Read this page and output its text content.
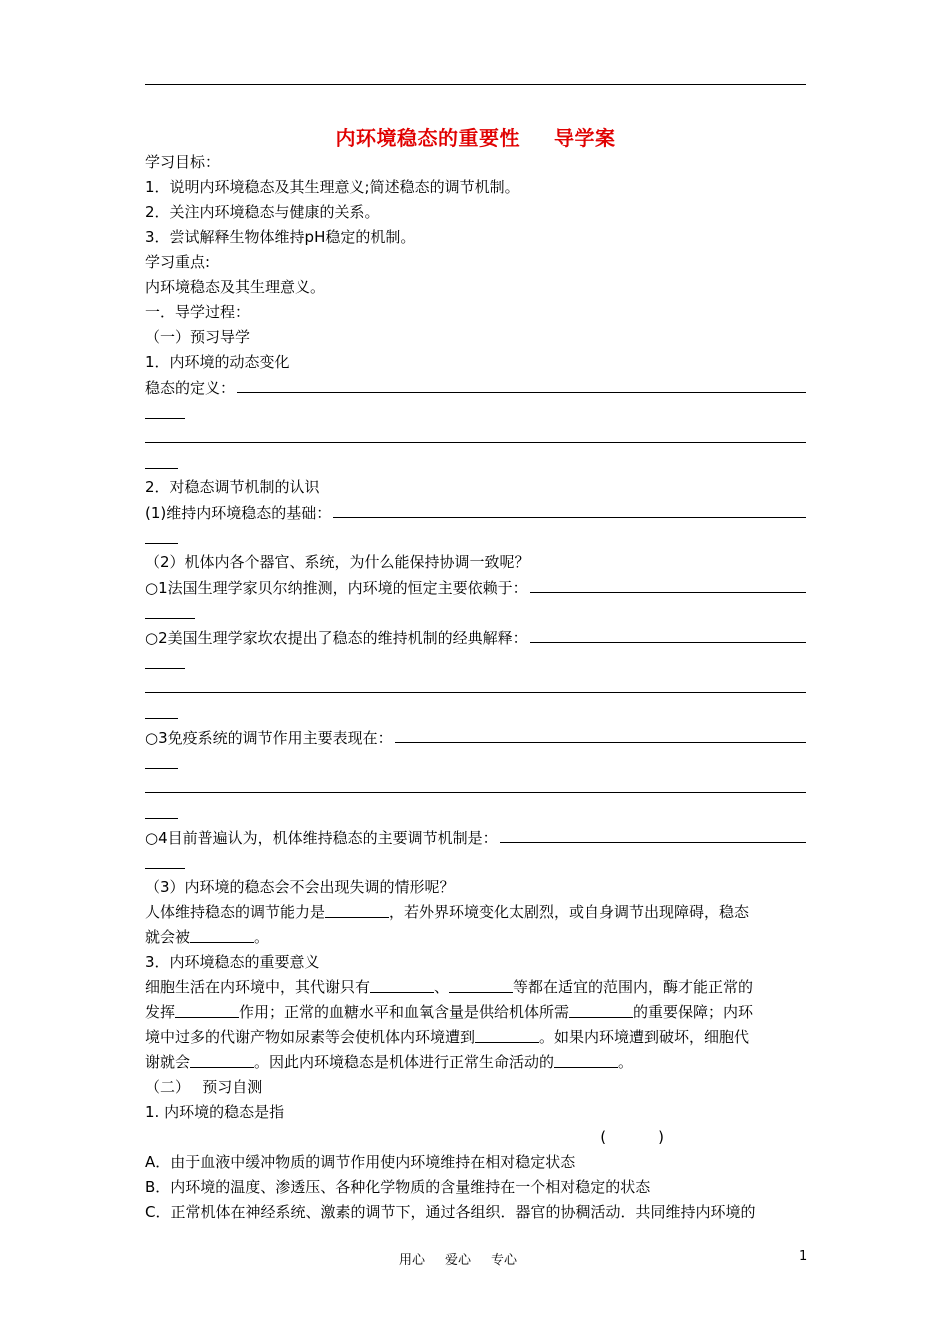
内环境稳态的重要性 导学案
学习目标：
1．说明内环境稳态及其生理意义;简述稳态的调节机制。
2．关注内环境稳态与健康的关系。
3．尝试解释生物体维持pH稳定的机制。
学习重点:
内环境稳态及其生理意义。
一．导学过程：
（一）预习导学
1．内环境的动态变化
稳态的定义：
2．对稳态调节机制的认识
(1)维持内环境稳态的基础：
（2）机体内各个器官、系统，为什么能保持协调一致呢？
○1法国生理学家贝尔纳推测，内环境的恒定主要依赖于：
○2美国生理学家坎农提出了稳态的维持机制的经典解释：
○3免疫系统的调节作用主要表现在：
○4目前普遍认为，机体维持稳态的主要调节机制是：
（3）内环境的稳态会不会出现失调的情形呢？
人体维持稳态的调节能力是	，若外界环境变化太剧烈，或自身调节出现障碍，稳态
就会被	。
3．内环境稳态的重要意义
细胞生活在内环境中，其代谢只有	、	等都在适宜的范围内，酶才能正常的
发挥	作用；正常的血糖水平和血氧含量是供给机体所需	的重要保障；内环
境中过多的代谢产物如尿素等会使机体内环境遭到	。如果内环境遭到破坏，细胞代
谢就会	。因此内环境稳态是机体进行正常生命活动的	。
（二）　 预习自测
1. 内环境的稳态是指
(	)
A．由于血液中缓冲物质的调节作用使内环境维持在相对稳定状态
B．内环境的温度、渗透压、各种化学物质的含量维持在一个相对稳定的状态
C．正常机体在神经系统、激素的调节下，通过各组织．器官的协稠活动．共同维持内环境的
用心 爱心 专心	1
